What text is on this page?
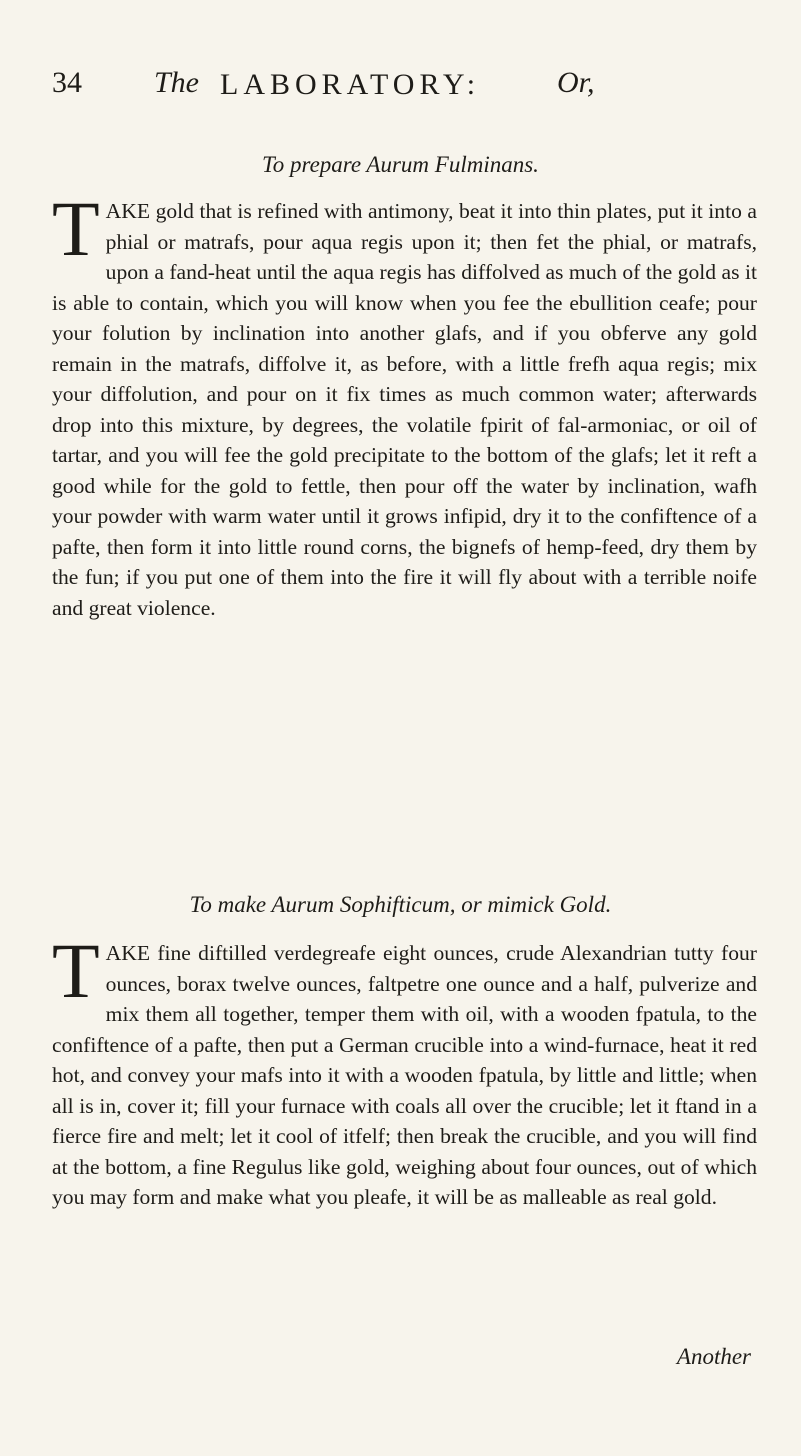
34 The LABORATORY:	Or,
To prepare Aurum Fulminans.
T AKE gold that is refined with antimony, beat it into thin plates, put it into a phial or matrafs, pour aqua regis upon it; then fet the phial, or matrafs, upon a fand-heat until the aqua regis has diffolved as much of the gold as it is able to contain, which you will know when you fee the ebullition ceafe; pour your folution by inclination into another glafs, and if you obferve any gold remain in the matrafs, diffolve it, as before, with a little frefh aqua regis; mix your diffolution, and pour on it fix times as much common water; afterwards drop into this mixture, by degrees, the volatile fpirit of fal-armoniac, or oil of tartar, and you will fee the gold precipitate to the bottom of the glafs; let it reft a good while for the gold to fettle, then pour off the water by inclination, wafh your powder with warm water until it grows infipid, dry it to the confiftence of a pafte, then form it into little round corns, the bignefs of hemp-feed, dry them by the fun; if you put one of them into the fire it will fly about with a terrible noife and great violence.
To make Aurum Sophifticum, or mimick Gold.
T AKE fine diftilled verdegreafe eight ounces, crude Alexandrian tutty four ounces, borax twelve ounces, faltpetre one ounce and a half, pulverize and mix them all together, temper them with oil, with a wooden fpatula, to the confiftence of a pafte, then put a German crucible into a wind-furnace, heat it red hot, and convey your mafs into it with a wooden fpatula, by little and little; when all is in, cover it; fill your furnace with coals all over the crucible; let it ftand in a fierce fire and melt; let it cool of itfelf; then break the crucible, and you will find at the bottom, a fine Regulus like gold, weighing about four ounces, out of which you may form and make what you pleafe, it will be as malleable as real gold.
Another
